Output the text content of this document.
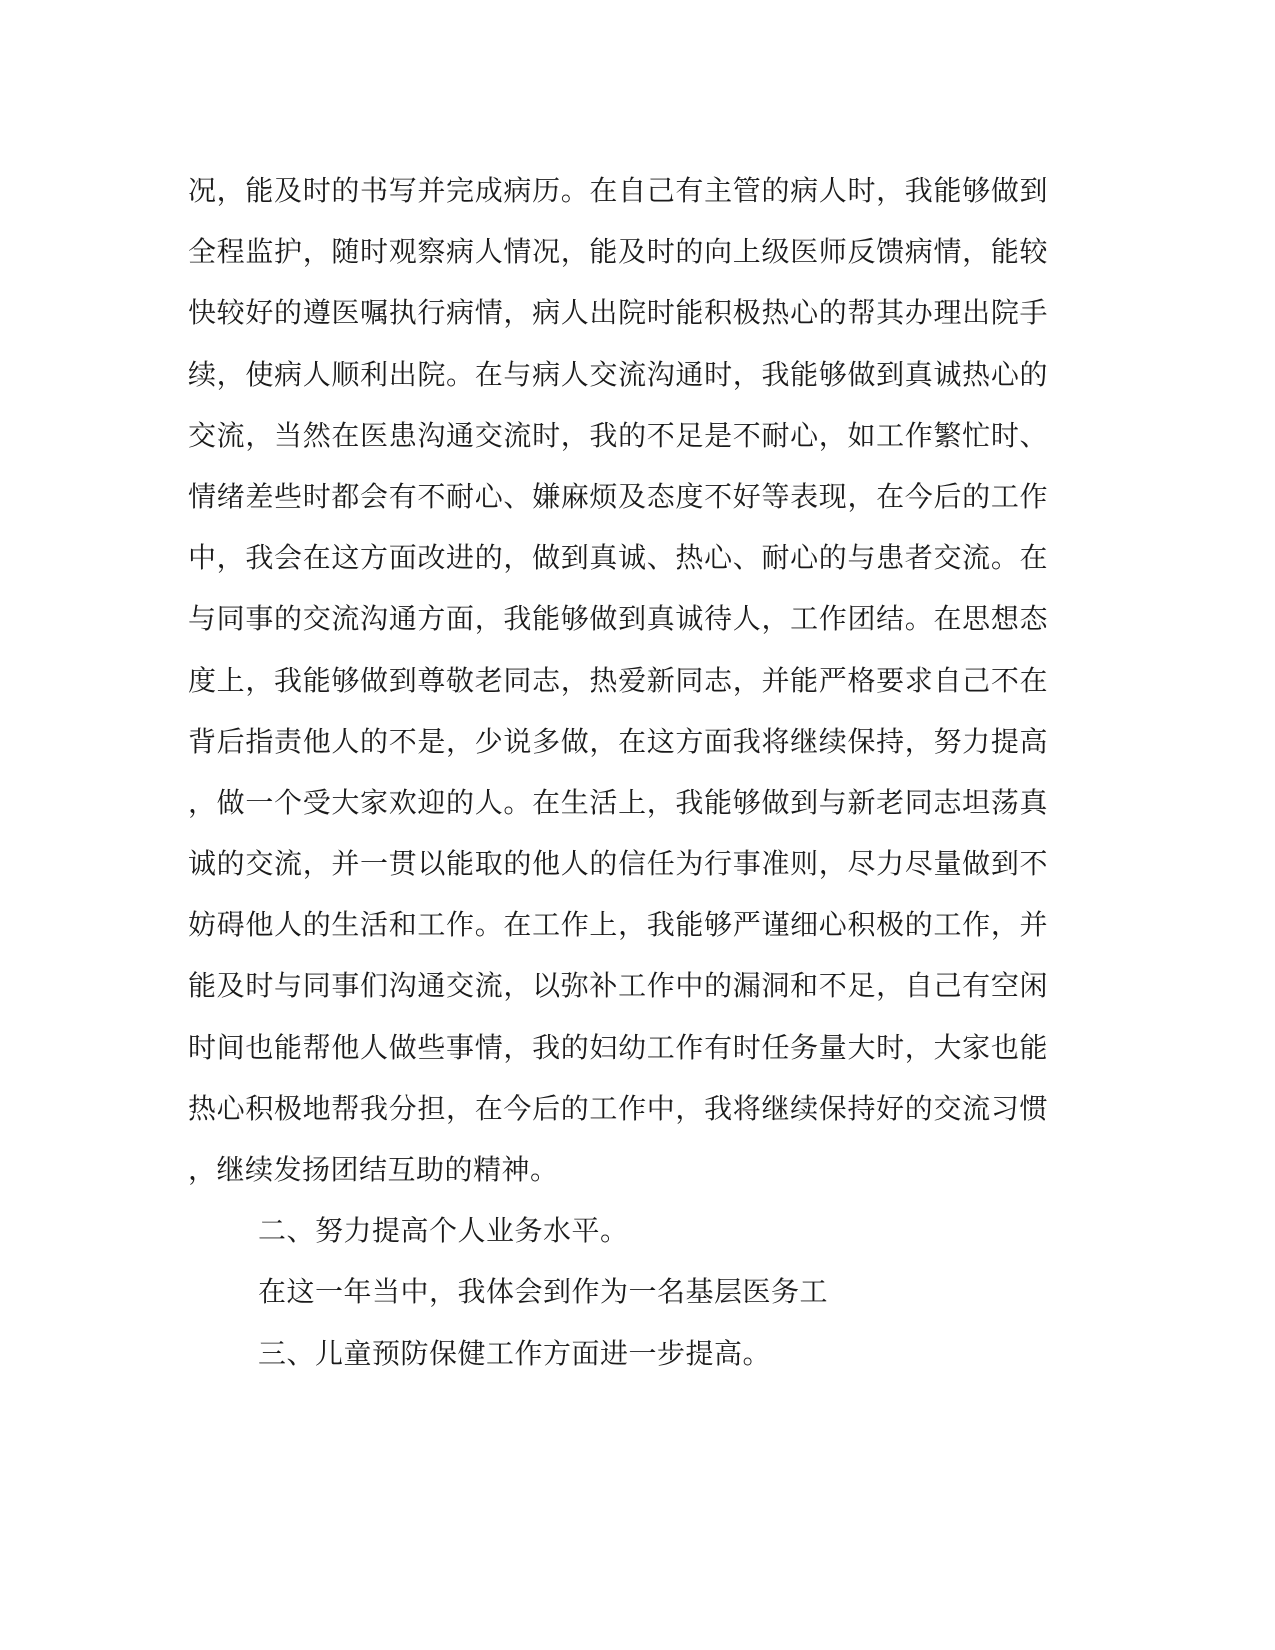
况，能及时的书写并完成病历。在自己有主管的病人时，我能够做到
全程监护，随时观察病人情况，能及时的向上级医师反馈病情，能较
快较好的遵医嘱执行病情，病人出院时能积极热心的帮其办理出院手
续，使病人顺利出院。在与病人交流沟通时，我能够做到真诚热心的
交流，当然在医患沟通交流时，我的不足是不耐心，如工作繁忙时、
情绪差些时都会有不耐心、嫌麻烦及态度不好等表现，在今后的工作
中，我会在这方面改进的，做到真诚、热心、耐心的与患者交流。在
与同事的交流沟通方面，我能够做到真诚待人，工作团结。在思想态
度上，我能够做到尊敬老同志，热爱新同志，并能严格要求自己不在
背后指责他人的不是，少说多做，在这方面我将继续保持，努力提高
，做一个受大家欢迎的人。在生活上，我能够做到与新老同志坦荡真
诚的交流，并一贯以能取的他人的信任为行事准则，尽力尽量做到不
妨碍他人的生活和工作。在工作上，我能够严谨细心积极的工作，并
能及时与同事们沟通交流，以弥补工作中的漏洞和不足，自己有空闲
时间也能帮他人做些事情，我的妇幼工作有时任务量大时，大家也能
热心积极地帮我分担，在今后的工作中，我将继续保持好的交流习惯
，继续发扬团结互助的精神。
二、努力提高个人业务水平。
在这一年当中，我体会到作为一名基层医务工
三、儿童预防保健工作方面进一步提高。
